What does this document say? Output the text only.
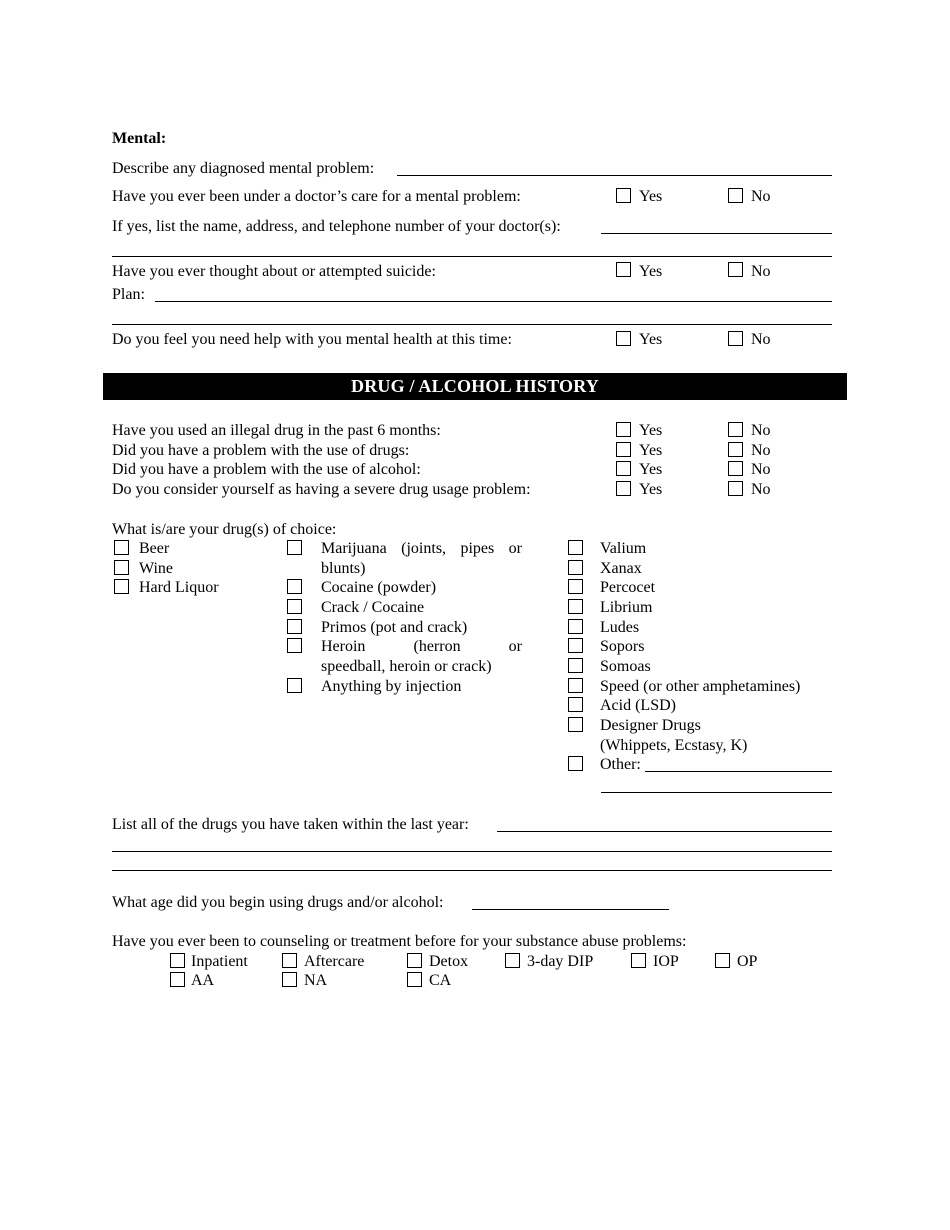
Mental:
Describe any diagnosed mental problem:
Have you ever been under a doctor’s care for a mental problem:	Yes	No
If yes, list the name, address, and telephone number of your doctor(s):
Have you ever thought about or attempted suicide:	Yes	No
Plan:
Do you feel you need help with you mental health at this time:	Yes	No
DRUG / ALCOHOL HISTORY
Have you used an illegal drug in the past 6 months:	Yes	No
Did you have a problem with the use of drugs:	Yes	No
Did you have a problem with the use of alcohol:	Yes	No
Do you consider yourself as having a severe drug usage problem:	Yes	No
What is/are your drug(s) of choice:
Beer
Wine
Hard Liquor
Marijuana (joints, pipes or
blunts)
Cocaine (powder)
Crack / Cocaine
Primos (pot and crack)
Heroin	(herron	or
speedball, heroin or crack)
Anything by injection
Valium
Xanax
Percocet
Librium
Ludes
Sopors
Somoas
Speed (or other amphetamines)
Acid (LSD)
Designer Drugs
(Whippets, Ecstasy, K)
Other:
List all of the drugs you have taken within the last year:
What age did you begin using drugs and/or alcohol:
Have you ever been to counseling or treatment before for your substance abuse problems:
Inpatient	Aftercare	Detox	3-day DIP	IOP	OP
AA	NA	CA
